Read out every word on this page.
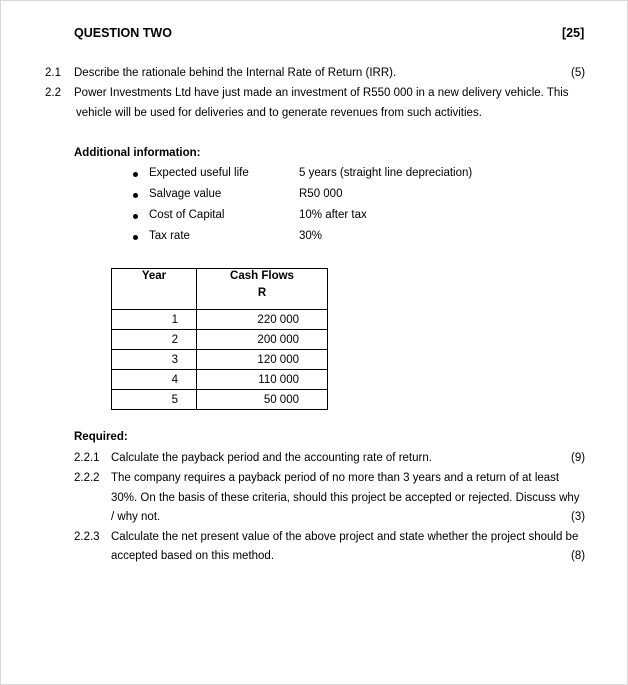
QUESTION TWO	[25]
2.1 Describe the rationale behind the Internal Rate of Return (IRR).	(5)
2.2 Power Investments Ltd have just made an investment of R550 000 in a new delivery vehicle. This
vehicle will be used for deliveries and to generate revenues from such activities.
Additional information:
Expected useful life	5 years (straight line depreciation)
Salvage value	R50 000
Cost of Capital	10% after tax
Tax rate	30%
Year	Cash Flows
R

1	220 000
2	200 000
3	120 000
4	110 000
5	50 000
Required:
2.2.1 Calculate the payback period and the accounting rate of return.	(9)
2.2.2 The company requires a payback period of no more than 3 years and a return of at least
30%. On the basis of these criteria, should this project be accepted or rejected. Discuss why
/ why not.	(3)
2.2.3 Calculate the net present value of the above project and state whether the project should be
accepted based on this method.	(8)
